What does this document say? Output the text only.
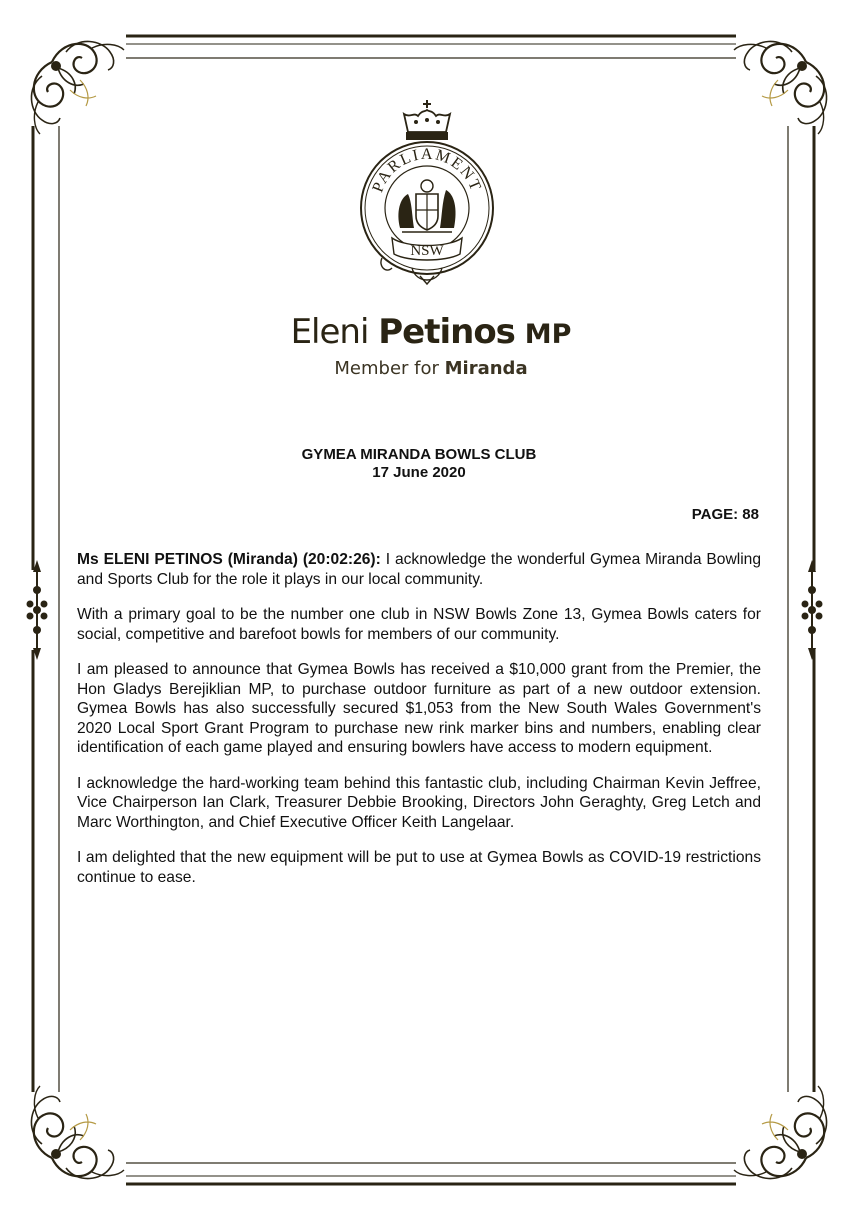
PARLIAMENT
NSW
Eleni Petinos MP
Member for Miranda
GYMEA MIRANDA BOWLS CLUB
17 June 2020
PAGE: 88

Ms ELENI PETINOS (Miranda) (20:02:26): I acknowledge the wonderful Gymea Miranda Bowling and Sports Club for the role it plays in our local community.

With a primary goal to be the number one club in NSW Bowls Zone 13, Gymea Bowls caters for social, competitive and barefoot bowls for members of our community.

I am pleased to announce that Gymea Bowls has received a $10,000 grant from the Premier, the Hon Gladys Berejiklian MP, to purchase outdoor furniture as part of a new outdoor extension. Gymea Bowls has also successfully secured $1,053 from the New South Wales Government's 2020 Local Sport Grant Program to purchase new rink marker bins and numbers, enabling clear identification of each game played and ensuring bowlers have access to modern equipment.

I acknowledge the hard-working team behind this fantastic club, including Chairman Kevin Jeffree, Vice Chairperson Ian Clark, Treasurer Debbie Brooking, Directors John Geraghty, Greg Letch and Marc Worthington, and Chief Executive Officer Keith Langelaar.

I am delighted that the new equipment will be put to use at Gymea Bowls as COVID-19 restrictions continue to ease.
